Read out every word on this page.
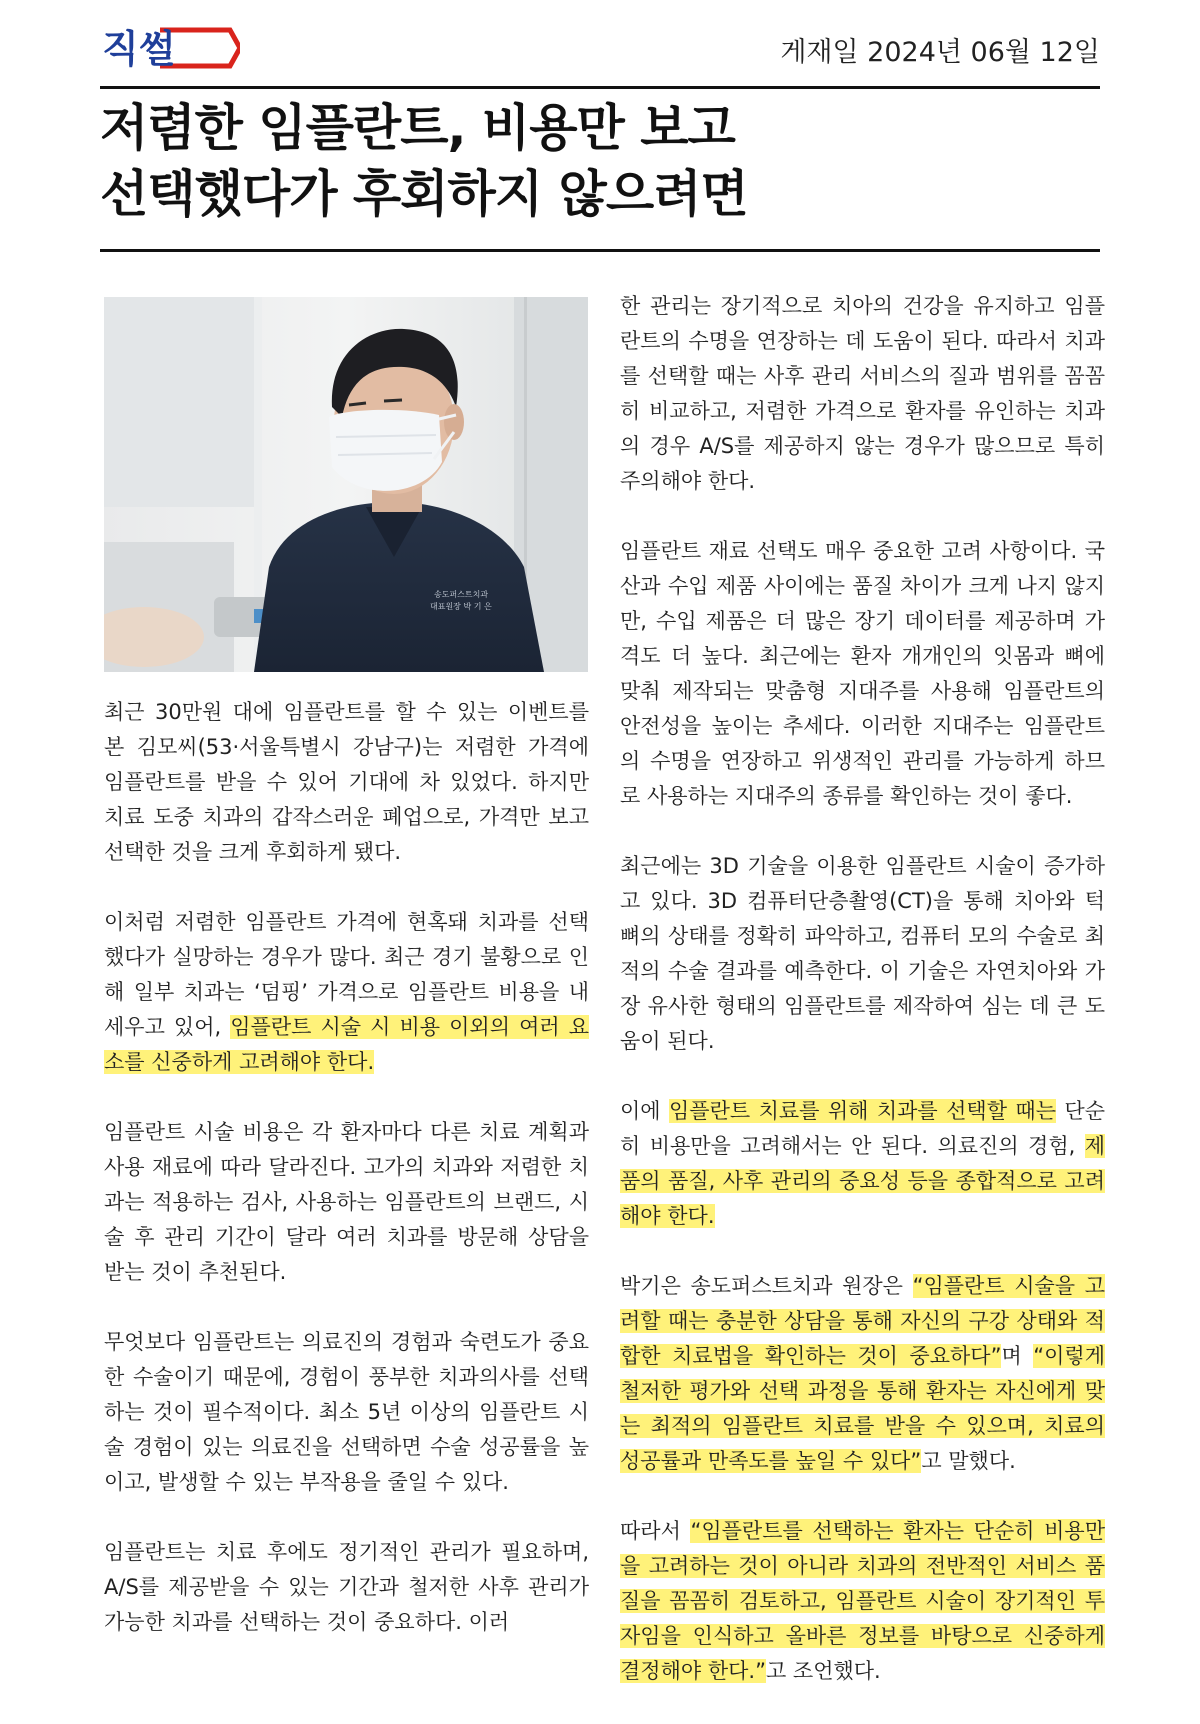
직썰	게재일 2024년 06월 12일
저렴한 임플란트, 비용만 보고
선택했다가 후회하지 않으려면
송도퍼스트치과
대표원장 박 기 은

최근 30만원 대에 임플란트를 할 수 있는 이벤트를 본 김모씨(53·서울특별시 강남구)는 저렴한 가격에 임플란트를 받을 수 있어 기대에 차 있었다. 하지만 치료 도중 치과의 갑작스러운 폐업으로, 가격만 보고 선택한 것을 크게 후회하게 됐다.

이처럼 저렴한 임플란트 가격에 현혹돼 치과를 선택했다가 실망하는 경우가 많다. 최근 경기 불황으로 인해 일부 치과는 ‘덤핑’ 가격으로 임플란트 비용을 내세우고 있어, 임플란트 시술 시 비용 이외의 여러 요소를 신중하게 고려해야 한다.

임플란트 시술 비용은 각 환자마다 다른 치료 계획과 사용 재료에 따라 달라진다. 고가의 치과와 저렴한 치과는 적용하는 검사, 사용하는 임플란트의 브랜드, 시술 후 관리 기간이 달라 여러 치과를 방문해 상담을 받는 것이 추천된다.

무엇보다 임플란트는 의료진의 경험과 숙련도가 중요한 수술이기 때문에, 경험이 풍부한 치과의사를 선택하는 것이 필수적이다. 최소 5년 이상의 임플란트 시술 경험이 있는 의료진을 선택하면 수술 성공률을 높이고, 발생할 수 있는 부작용을 줄일 수 있다.

임플란트는 치료 후에도 정기적인 관리가 필요하며, A/S를 제공받을 수 있는 기간과 철저한 사후 관리가 가능한 치과를 선택하는 것이 중요하다. 이러

한 관리는 장기적으로 치아의 건강을 유지하고 임플란트의 수명을 연장하는 데 도움이 된다. 따라서 치과를 선택할 때는 사후 관리 서비스의 질과 범위를 꼼꼼히 비교하고, 저렴한 가격으로 환자를 유인하는 치과의 경우 A/S를 제공하지 않는 경우가 많으므로 특히 주의해야 한다.

임플란트 재료 선택도 매우 중요한 고려 사항이다. 국산과 수입 제품 사이에는 품질 차이가 크게 나지 않지만, 수입 제품은 더 많은 장기 데이터를 제공하며 가격도 더 높다. 최근에는 환자 개개인의 잇몸과 뼈에 맞춰 제작되는 맞춤형 지대주를 사용해 임플란트의 안전성을 높이는 추세다. 이러한 지대주는 임플란트의 수명을 연장하고 위생적인 관리를 가능하게 하므로 사용하는 지대주의 종류를 확인하는 것이 좋다.

최근에는 3D 기술을 이용한 임플란트 시술이 증가하고 있다. 3D 컴퓨터단층촬영(CT)을 통해 치아와 턱뼈의 상태를 정확히 파악하고, 컴퓨터 모의 수술로 최적의 수술 결과를 예측한다. 이 기술은 자연치아와 가장 유사한 형태의 임플란트를 제작하여 심는 데 큰 도움이 된다.

이에 임플란트 치료를 위해 치과를 선택할 때는 단순히 비용만을 고려해서는 안 된다. 의료진의 경험, 제품의 품질, 사후 관리의 중요성 등을 종합적으로 고려해야 한다.

박기은 송도퍼스트치과 원장은 “임플란트 시술을 고려할 때는 충분한 상담을 통해 자신의 구강 상태와 적합한 치료법을 확인하는 것이 중요하다”며 “이렇게 철저한 평가와 선택 과정을 통해 환자는 자신에게 맞는 최적의 임플란트 치료를 받을 수 있으며, 치료의 성공률과 만족도를 높일 수 있다”고 말했다.

따라서 “임플란트를 선택하는 환자는 단순히 비용만을 고려하는 것이 아니라 치과의 전반적인 서비스 품질을 꼼꼼히 검토하고, 임플란트 시술이 장기적인 투자임을 인식하고 올바른 정보를 바탕으로 신중하게 결정해야 한다.”고 조언했다.
